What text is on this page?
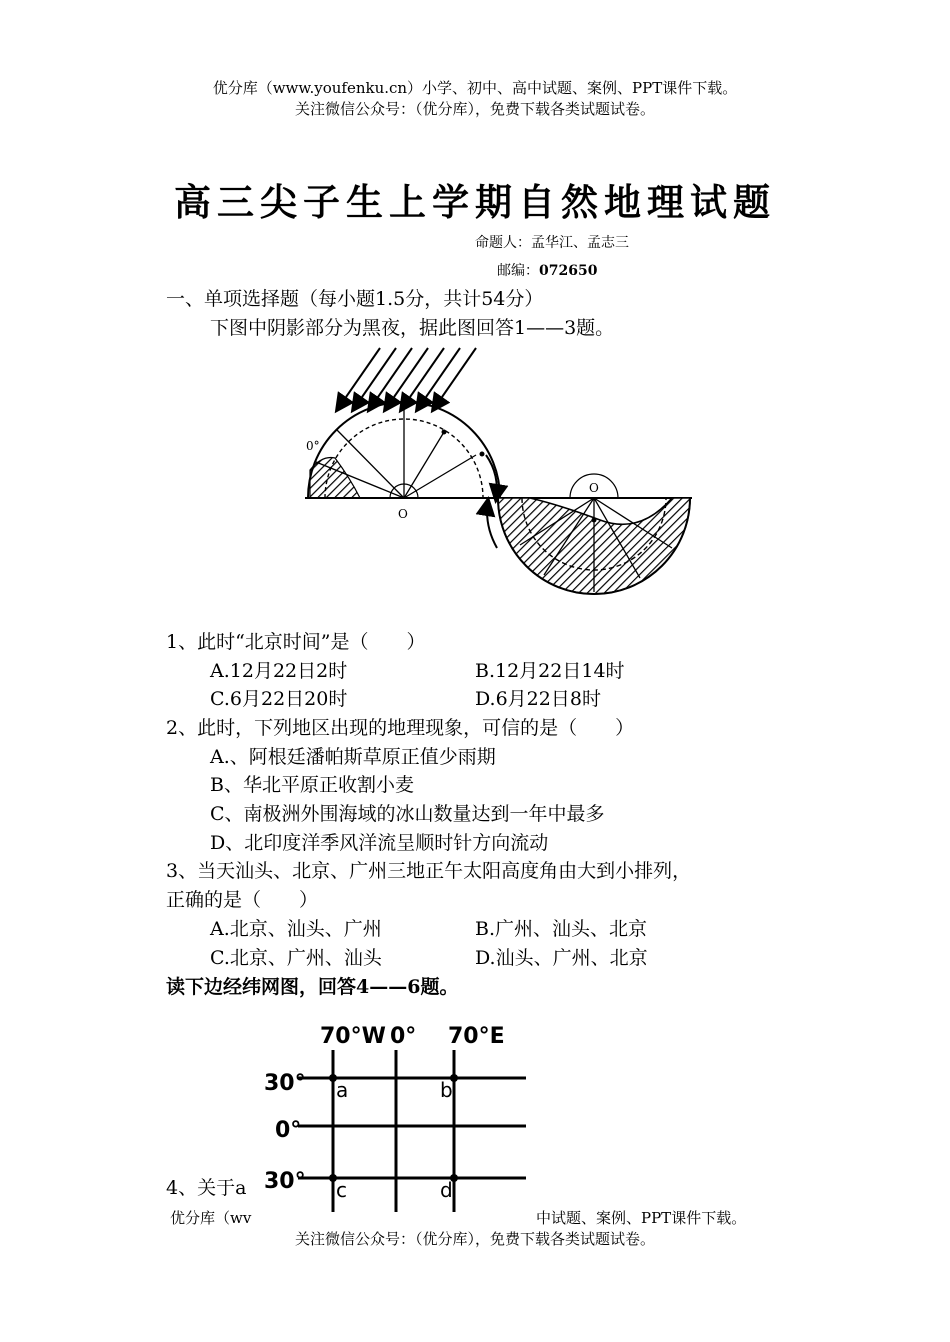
优分库（www.youfenku.cn）小学、初中、高中试题、案例、PPT课件下载。
关注微信公众号：（优分库），免费下载各类试题试卷。
高三尖子生上学期自然地理试题
命题人：孟华江、孟志三
邮编：072650
一、单项选择题（每小题1.5分，共计54分）
下图中阴影部分为黑夜，据此图回答1——3题。
0°
O
O
1、此时“北京时间”是（　　）
A.12月22日2时	B.12月22日14时
C.6月22日20时	D.6月22日8时
2、此时，下列地区出现的地理现象，可信的是（　　）
A.、阿根廷潘帕斯草原正值少雨期
B、华北平原正收割小麦
C、南极洲外围海域的冰山数量达到一年中最多
D、北印度洋季风洋流呈顺时针方向流动
3、当天汕头、北京、广州三地正午太阳高度角由大到小排列，
正确的是（　　）
A.北京、汕头、广州	B.广州、汕头、北京
C.北京、广州、汕头	D.汕头、广州、北京
读下边经纬网图，回答4——6题。
70°W 0° 70°E
30°
0°
30°
a	b
c	d
4、关于a
优分库（wv	中试题、案例、PPT课件下载。
关注微信公众号：（优分库），免费下载各类试题试卷。
